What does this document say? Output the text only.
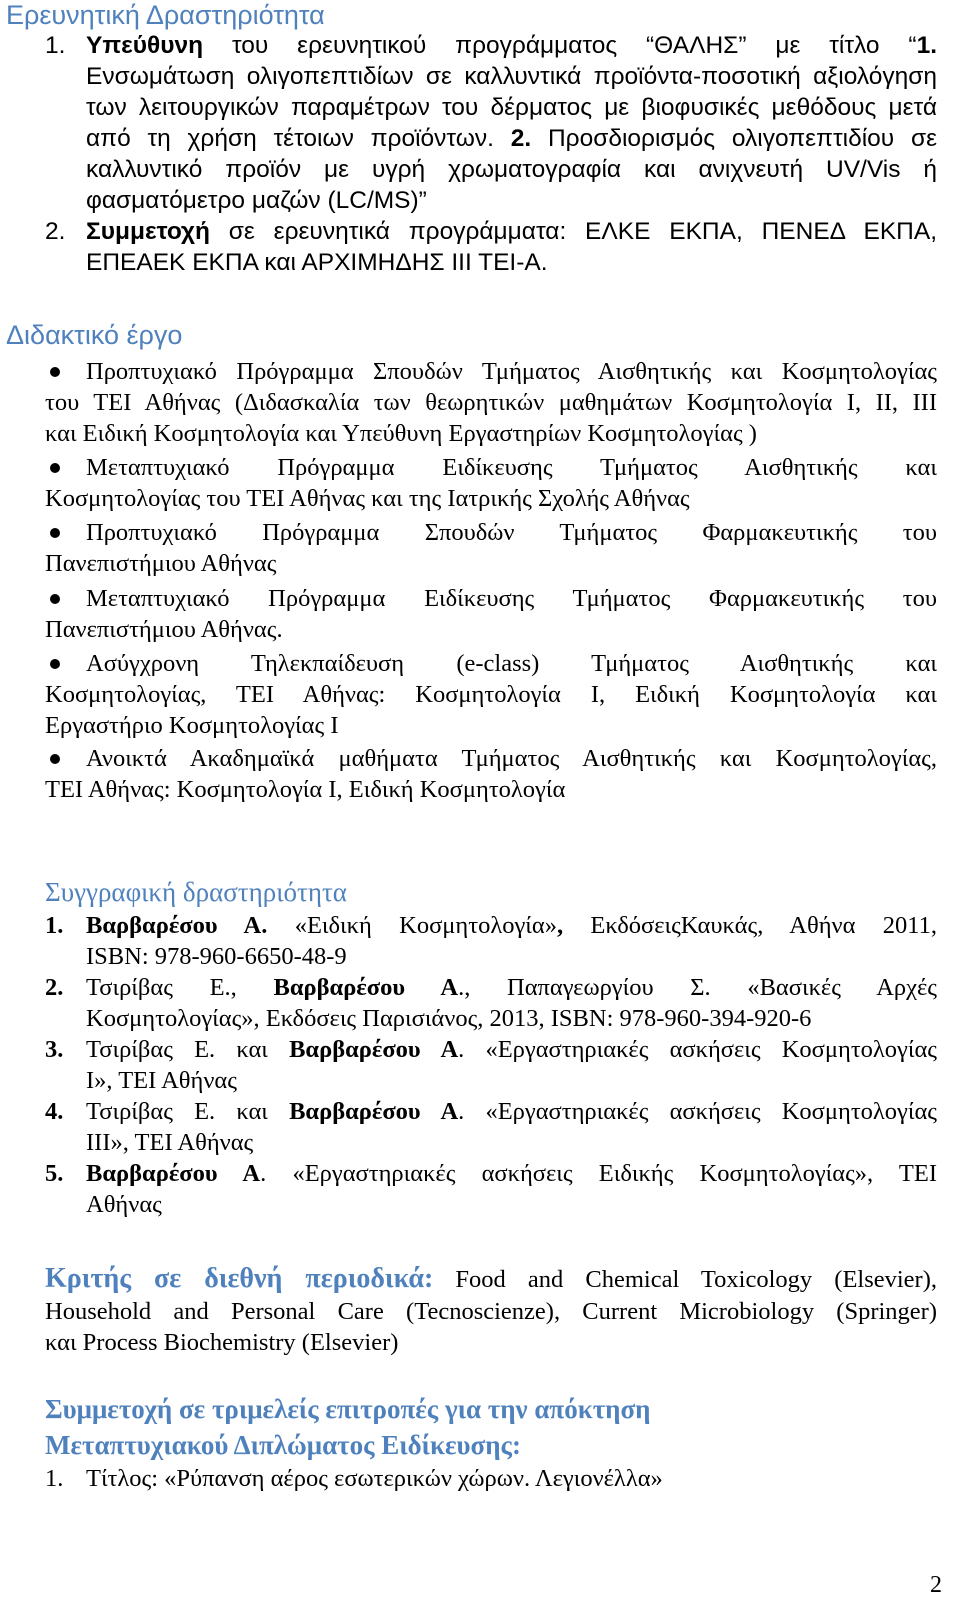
Ερευνητική Δραστηριότητα
1. Υπεύθυνη του ερευνητικού προγράμματος “ΘΑΛΗΣ” με τίτλο “1.
Ενσωμάτωση ολιγοπεπτιδίων σε καλλυντικά προϊόντα-ποσοτική αξιολόγηση
των λειτουργικών παραμέτρων του δέρματος με βιοφυσικές μεθόδους μετά
από τη χρήση τέτοιων προϊόντων. 2. Προσδιορισμός ολιγοπεπτιδίου σε
καλλυντικό προϊόν με υγρή χρωματογραφία και ανιχνευτή UV/Vis ή
φασματόμετρο μαζών (LC/MS)”
2. Συμμετοχή σε ερευνητικά προγράμματα: ΕΛΚΕ ΕΚΠΑ, ΠΕΝΕΔ ΕΚΠΑ,
ΕΠΕΑΕΚ ΕΚΠΑ και ΑΡΧΙΜΗΔΗΣ ΙΙΙ ΤΕΙ-Α.
Διδακτικό έργο
Προπτυχιακό Πρόγραμμα Σπουδών Τμήματος Αισθητικής και Κοσμητολογίας
του ΤΕΙ Αθήνας (Διδασκαλία των θεωρητικών μαθημάτων Κοσμητολογία Ι, ΙΙ, ΙΙΙ
και Ειδική Κοσμητολογία και Υπεύθυνη Εργαστηρίων Κοσμητολογίας )
Μεταπτυχιακό Πρόγραμμα Ειδίκευσης Τμήματος Αισθητικής και
Κοσμητολογίας του ΤΕΙ Αθήνας και της Ιατρικής Σχολής Αθήνας
Προπτυχιακό Πρόγραμμα Σπουδών Τμήματος Φαρμακευτικής του
Πανεπιστήμιου Αθήνας
Μεταπτυχιακό Πρόγραμμα Ειδίκευσης Τμήματος Φαρμακευτικής του
Πανεπιστήμιου Αθήνας.
Ασύγχρονη Τηλεκπαίδευση (e-class) Τμήματος Αισθητικής και
Κοσμητολογίας, ΤΕΙ Αθήνας: Κοσμητολογία Ι, Ειδική Κοσμητολογία και
Εργαστήριο Κοσμητολογίας Ι
Ανοικτά Ακαδημαϊκά μαθήματα Τμήματος Αισθητικής και Κοσμητολογίας,
ΤΕΙ Αθήνας: Κοσμητολογία Ι, Ειδική Κοσμητολογία
Συγγραφική δραστηριότητα
1. Βαρβαρέσου Α. «Ειδική Κοσμητολογία», ΕκδόσειςΚαυκάς, Αθήνα 2011,
ISBN: 978-960-6650-48-9
2. Τσιρίβας Ε., Βαρβαρέσου Α., Παπαγεωργίου Σ. «Βασικές Αρχές
Κοσμητολογίας», Εκδόσεις Παρισιάνος, 2013, ISBN: 978-960-394-920-6
3. Τσιρίβας Ε. και Βαρβαρέσου Α. «Εργαστηριακές ασκήσεις Κοσμητολογίας
Ι», ΤΕΙ Αθήνας
4. Τσιρίβας Ε. και Βαρβαρέσου Α. «Εργαστηριακές ασκήσεις Κοσμητολογίας
ΙΙΙ», ΤΕΙ Αθήνας
5. Βαρβαρέσου Α. «Εργαστηριακές ασκήσεις Ειδικής Κοσμητολογίας», ΤΕΙ
Αθήνας
Κριτής σε διεθνή περιοδικά: Food and Chemical Toxicology (Elsevier),
Household and Personal Care (Tecnoscienze), Current Microbiology (Springer)
και Process Biochemistry (Elsevier)
Συμμετοχή σε τριμελείς επιτροπές για την απόκτηση
Μεταπτυχιακού Διπλώματος Ειδίκευσης:
1. Τίτλος: «Ρύπανση αέρος εσωτερικών χώρων. Λεγιονέλλα»
2
